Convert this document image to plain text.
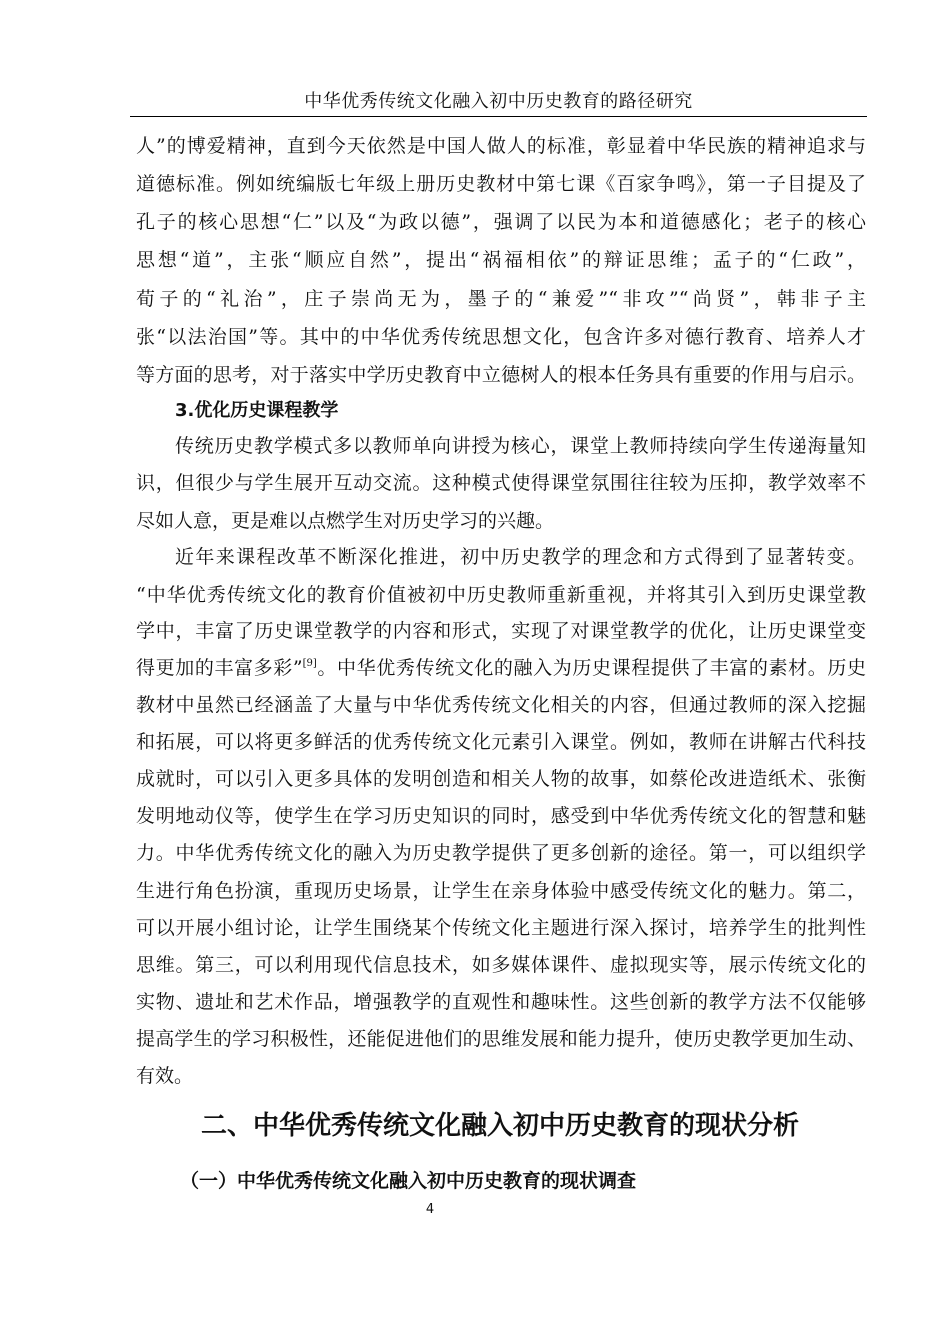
中华优秀传统文化融入初中历史教育的路径研究
人”的博爱精神，直到今天依然是中国人做人的标准，彰显着中华民族的精神追求与
道德标准。例如统编版七年级上册历史教材中第七课《百家争鸣》，第一子目提及了
孔子的核心思想“仁”以及“为政以德”，强调了以民为本和道德感化；老子的核心
思想“道”，主张“顺应自然”，提出“祸福相依”的辩证思维；孟子的“仁政”，
荀子的“礼治”，庄子崇尚无为，墨子的“兼爱”“非攻”“尚贤”，韩非子主
张“以法治国”等。其中的中华优秀传统思想文化，包含许多对德行教育、培养人才
等方面的思考，对于落实中学历史教育中立德树人的根本任务具有重要的作用与启示。
3.优化历史课程教学
传统历史教学模式多以教师单向讲授为核心，课堂上教师持续向学生传递海量知
识，但很少与学生展开互动交流。这种模式使得课堂氛围往往较为压抑，教学效率不
尽如人意，更是难以点燃学生对历史学习的兴趣。
近年来课程改革不断深化推进，初中历史教学的理念和方式得到了显著转变。
“中华优秀传统文化的教育价值被初中历史教师重新重视，并将其引入到历史课堂教
学中，丰富了历史课堂教学的内容和形式，实现了对课堂教学的优化，让历史课堂变
得更加的丰富多彩”[9]。中华优秀传统文化的融入为历史课程提供了丰富的素材。历史
教材中虽然已经涵盖了大量与中华优秀传统文化相关的内容，但通过教师的深入挖掘
和拓展，可以将更多鲜活的优秀传统文化元素引入课堂。例如，教师在讲解古代科技
成就时，可以引入更多具体的发明创造和相关人物的故事，如蔡伦改进造纸术、张衡
发明地动仪等，使学生在学习历史知识的同时，感受到中华优秀传统文化的智慧和魅
力。中华优秀传统文化的融入为历史教学提供了更多创新的途径。第一，可以组织学
生进行角色扮演，重现历史场景，让学生在亲身体验中感受传统文化的魅力。第二，
可以开展小组讨论，让学生围绕某个传统文化主题进行深入探讨，培养学生的批判性
思维。第三，可以利用现代信息技术，如多媒体课件、虚拟现实等，展示传统文化的
实物、遗址和艺术作品，增强教学的直观性和趣味性。这些创新的教学方法不仅能够
提高学生的学习积极性，还能促进他们的思维发展和能力提升，使历史教学更加生动、
有效。
二、中华优秀传统文化融入初中历史教育的现状分析
（一）中华优秀传统文化融入初中历史教育的现状调查
4
